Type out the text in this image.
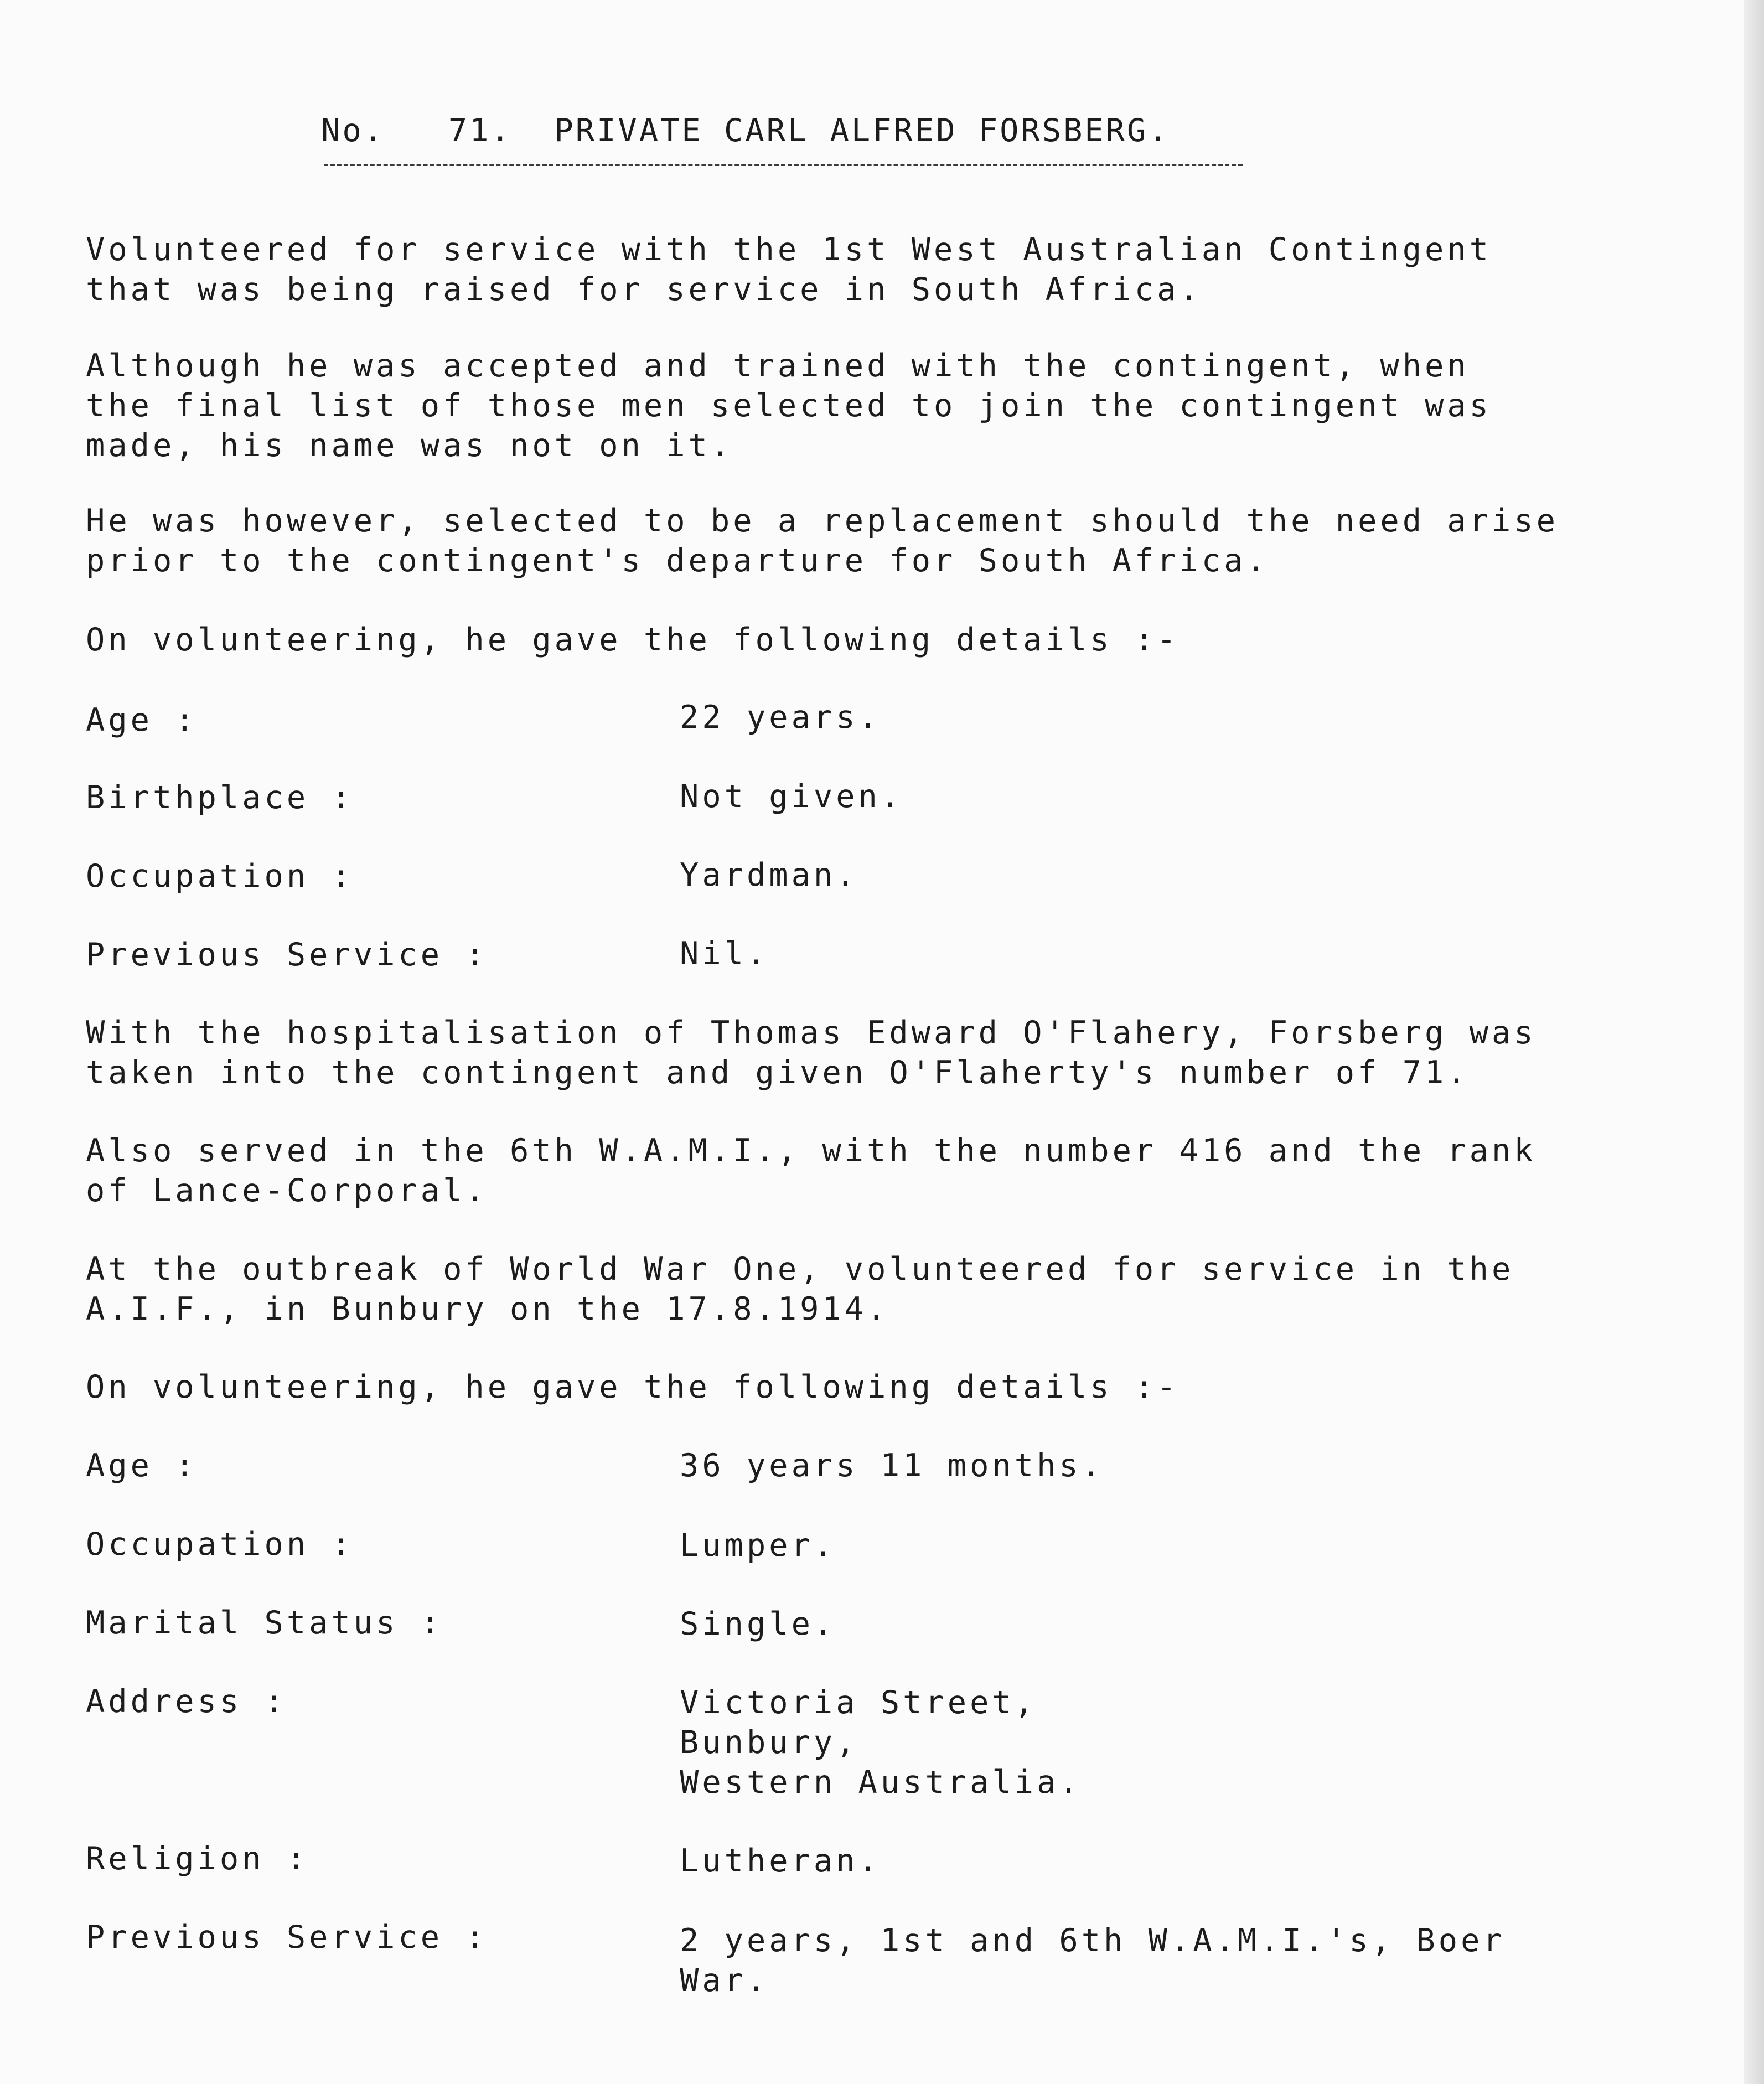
No.   71.  PRIVATE CARL ALFRED FORSBERG.
Volunteered for service with the 1st West Australian Contingent
that was being raised for service in South Africa.
Although he was accepted and trained with the contingent, when
the final list of those men selected to join the contingent was
made, his name was not on it.
He was however, selected to be a replacement should the need arise
prior to the contingent's departure for South Africa.
On volunteering, he gave the following details :-
Age :	22 years.
Birthplace :	Not given.
Occupation :	Yardman.
Previous Service :	Nil.
With the hospitalisation of Thomas Edward O'Flahery, Forsberg was
taken into the contingent and given O'Flaherty's number of 71.
Also served in the 6th W.A.M.I., with the number 416 and the rank
of Lance-Corporal.
At the outbreak of World War One, volunteered for service in the
A.I.F., in Bunbury on the 17.8.1914.
On volunteering, he gave the following details :-
Age :	36 years 11 months.
Occupation :	Lumper.
Marital Status :	Single.
Address :	Victoria Street,
Bunbury,
Western Australia.
Religion :	Lutheran.
Previous Service :	2 years, 1st and 6th W.A.M.I.'s, Boer
War.
